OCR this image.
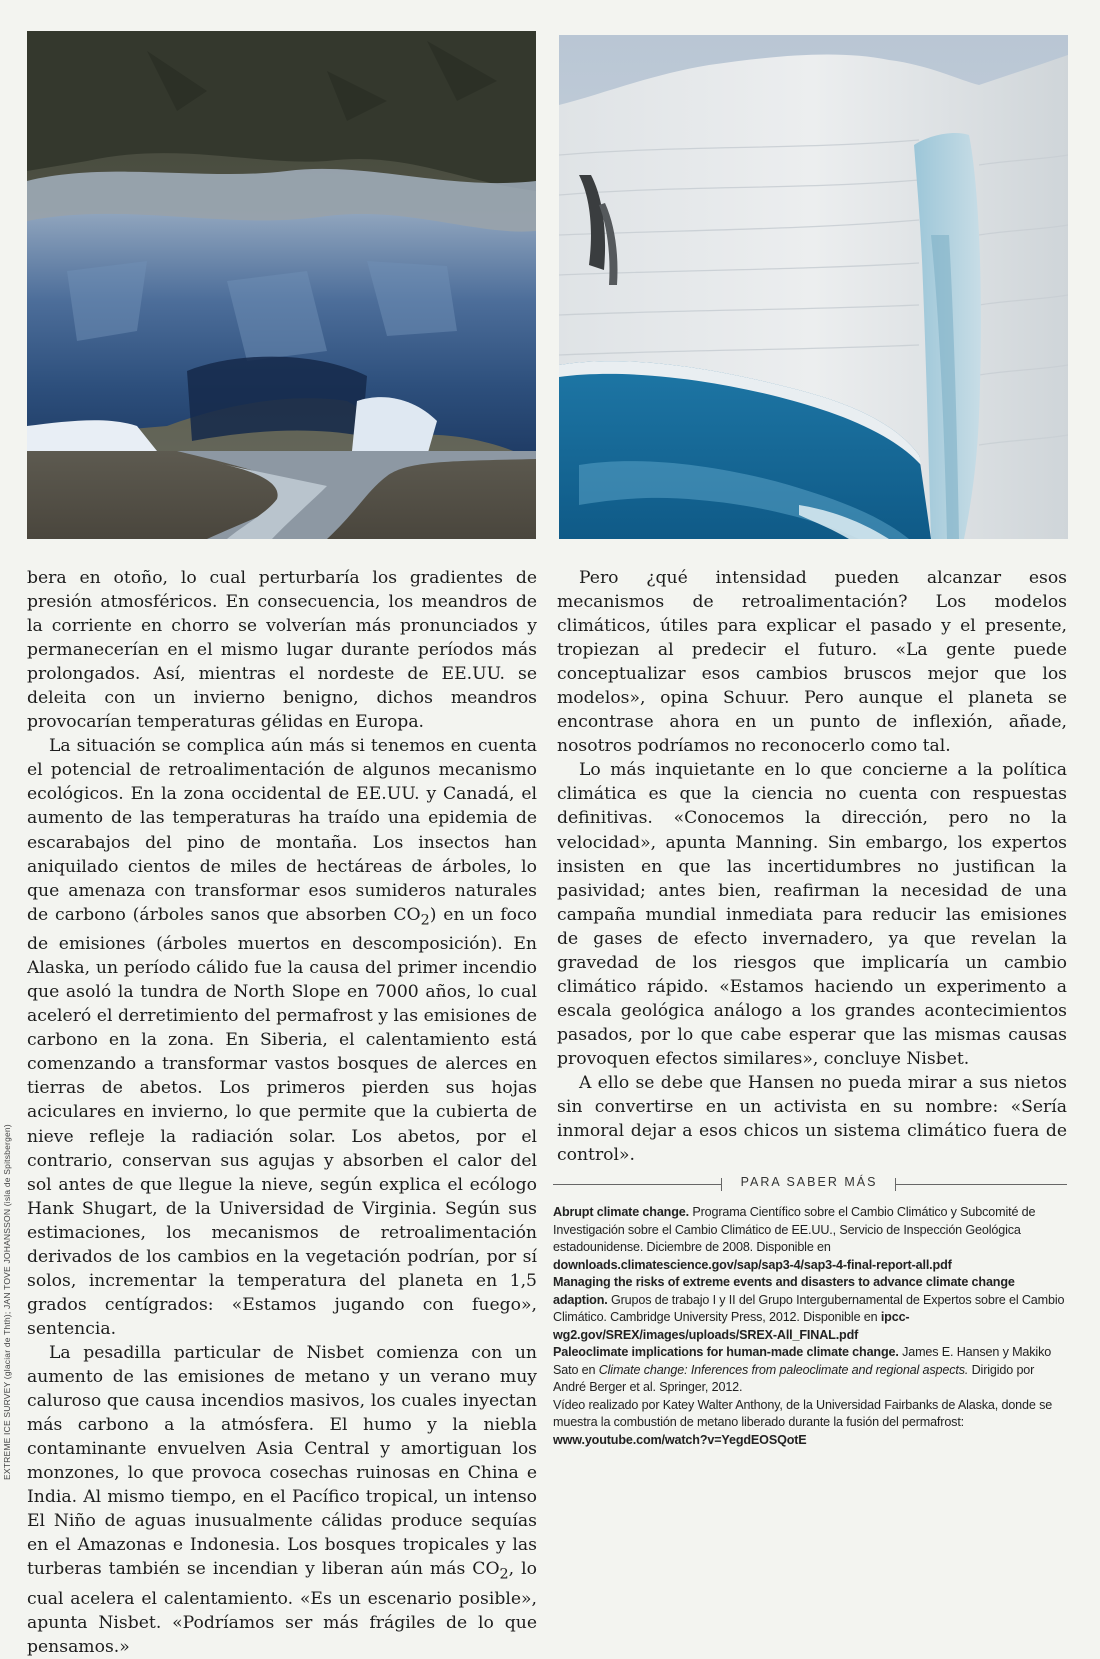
EXTREME ICE SURVEY (glaciar de Thth); JAN TOVE JOHANSSON (isla de Spitsbergen)

bera en otoño, lo cual perturbaría los gradientes de presión atmosféricos. En consecuencia, los meandros de la corriente en chorro se volverían más pronunciados y permanecerían en el mismo lugar durante períodos más prolongados. Así, mientras el nordeste de EE.UU. se deleita con un invierno benigno, dichos meandros provocarían temperaturas gélidas en Europa.

La situación se complica aún más si tenemos en cuenta el potencial de retroalimentación de algunos mecanismo ecológicos. En la zona occidental de EE.UU. y Canadá, el aumento de las temperaturas ha traído una epidemia de escarabajos del pino de montaña. Los insectos han aniquilado cientos de miles de hectáreas de árboles, lo que amenaza con transformar esos sumideros naturales de carbono (árboles sanos que absorben $CO_2$) en un foco de emisiones (árboles muertos en descomposición). En Alaska, un período cálido fue la causa del primer incendio que asoló la tundra de North Slope en 7000 años, lo cual aceleró el derretimiento del permafrost y las emisiones de carbono en la zona. En Siberia, el calentamiento está comenzando a transformar vastos bosques de alerces en tierras de abetos. Los primeros pierden sus hojas aciculares en invierno, lo que permite que la cubierta de nieve refleje la radiación solar. Los abetos, por el contrario, conservan sus agujas y absorben el calor del sol antes de que llegue la nieve, según explica el ecólogo Hank Shugart, de la Universidad de Virginia. Según sus estimaciones, los mecanismos de retroalimentación derivados de los cambios en la vegetación podrían, por sí solos, incrementar la temperatura del planeta en 1,5 grados centígrados: «Estamos jugando con fuego», sentencia.

La pesadilla particular de Nisbet comienza con un aumento de las emisiones de metano y un verano muy caluroso que causa incendios masivos, los cuales inyectan más carbono a la atmósfera. El humo y la niebla contaminante envuelven Asia Central y amortiguan los monzones, lo que provoca cosechas ruinosas en China e India. Al mismo tiempo, en el Pacífico tropical, un intenso El Niño de aguas inusualmente cálidas produce sequías en el Amazonas e Indonesia. Los bosques tropicales y las turberas también se incendian y liberan aún más $CO_2$, lo cual acelera el calentamiento. «Es un escenario posible», apunta Nisbet. «Podríamos ser más frágiles de lo que pensamos.»

Pero ¿qué intensidad pueden alcanzar esos mecanismos de retroalimentación? Los modelos climáticos, útiles para explicar el pasado y el presente, tropiezan al predecir el futuro. «La gente puede conceptualizar esos cambios bruscos mejor que los modelos», opina Schuur. Pero aunque el planeta se encontrase ahora en un punto de inflexión, añade, nosotros podríamos no reconocerlo como tal.

Lo más inquietante en lo que concierne a la política climática es que la ciencia no cuenta con respuestas definitivas. «Conocemos la dirección, pero no la velocidad», apunta Manning. Sin embargo, los expertos insisten en que las incertidumbres no justifican la pasividad; antes bien, reafirman la necesidad de una campaña mundial inmediata para reducir las emisiones de gases de efecto invernadero, ya que revelan la gravedad de los riesgos que implicaría un cambio climático rápido. «Estamos haciendo un experimento a escala geológica análogo a los grandes acontecimientos pasados, por lo que cabe esperar que las mismas causas provoquen efectos similares», concluye Nisbet.

A ello se debe que Hansen no pueda mirar a sus nietos sin convertirse en un activista en su nombre: «Sería inmoral dejar a esos chicos un sistema climático fuera de control».

PARA SABER MÁS

Abrupt climate change. Programa Científico sobre el Cambio Climático y Subcomité de Investigación sobre el Cambio Climático de EE.UU., Servicio de Inspección Geológica estadounidense. Diciembre de 2008. Disponible en downloads.climatescience.gov/sap/sap3-4/sap3-4-final-report-all.pdf

Managing the risks of extreme events and disasters to advance climate change adaption. Grupos de trabajo I y II del Grupo Intergubernamental de Expertos sobre el Cambio Climático. Cambridge University Press, 2012. Disponible en ipcc-wg2.gov/SREX/images/uploads/SREX-All_FINAL.pdf

Paleoclimate implications for human-made climate change. James E. Hansen y Makiko Sato en Climate change: Inferences from paleoclimate and regional aspects. Dirigido por André Berger et al. Springer, 2012.

Vídeo realizado por Katey Walter Anthony, de la Universidad Fairbanks de Alaska, donde se muestra la combustión de metano liberado durante la fusión del permafrost: www.youtube.com/watch?v=YegdEOSQotE
